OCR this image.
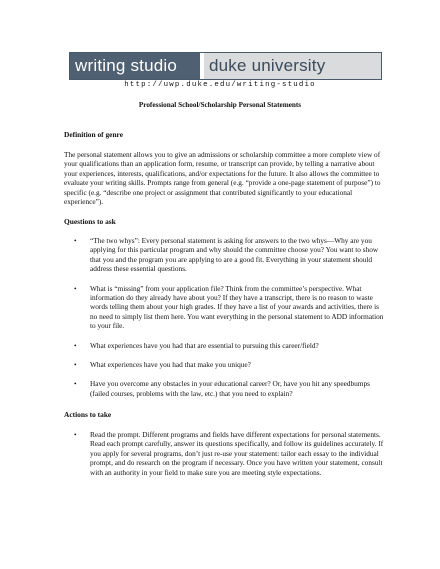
writing studio	duke university
http://uwp.duke.edu/writing-studio
Professional School/Scholarship Personal Statements
Definition of genre

The personal statement allows you to give an admissions or scholarship committee a more complete view of your qualifications than an application form, resume, or transcript can provide, by telling a narrative about your experiences, interests, qualifications, and/or expectations for the future. It also allows the committee to evaluate your writing skills. Prompts range from general (e.g. “provide a one-page statement of purpose”) to specific (e.g. “describe one project or assignment that contributed significantly to your educational experience”).

Questions to ask
• “The two whys”: Every personal statement is asking for answers to the two whys—Why are you applying for this particular program and why should the committee choose you? You want to show that you and the program you are applying to are a good fit. Everything in your statement should address these essential questions.
• What is “missing” from your application file? Think from the committee’s perspective. What information do they already have about you? If they have a transcript, there is no reason to waste words telling them about your high grades. If they have a list of your awards and activities, there is no need to simply list them here. You want everything in the personal statement to ADD information to your file.
• What experiences have you had that are essential to pursuing this career/field?
• What experiences have you had that make you unique?
• Have you overcome any obstacles in your educational career? Or, have you hit any speedbumps (failed courses, problems with the law, etc.) that you need to explain?
Actions to take
• Read the prompt. Different programs and fields have different expectations for personal statements. Read each prompt carefully, answer its questions specifically, and follow its guidelines accurately. If you apply for several programs, don’t just re-use your statement: tailor each essay to the individual prompt, and do research on the program if necessary. Once you have written your statement, consult with an authority in your field to make sure you are meeting style expectations.
